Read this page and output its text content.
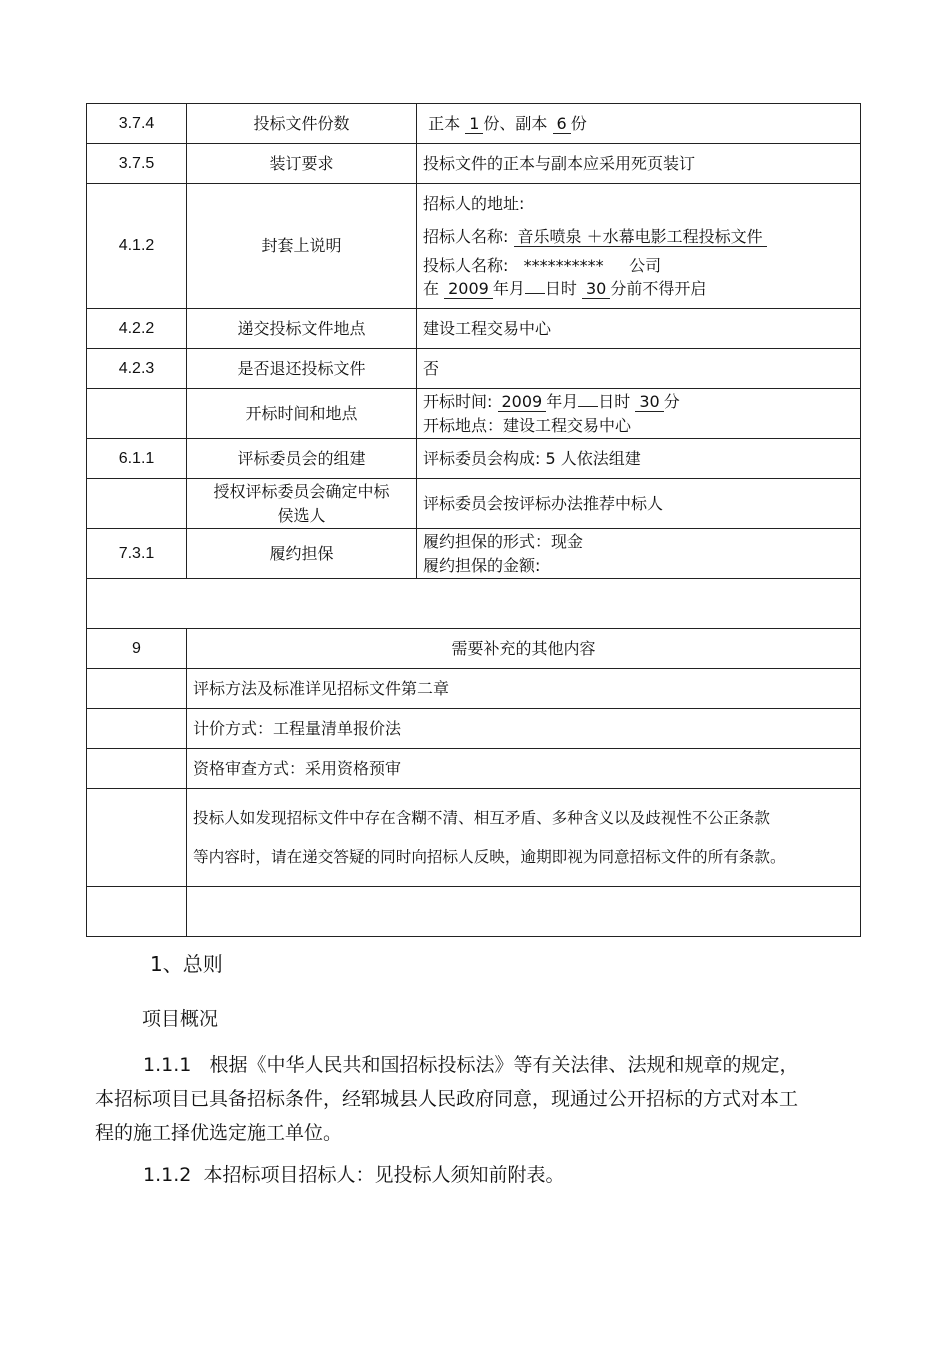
3.7.4	投标文件份数	正本 1 份、副本 6 份
3.7.5	装订要求	投标文件的正本与副本应采用死页装订
4.1.2	封套上说明	招标人的地址:

招标人名称: 音乐喷泉 ＋水幕电影工程投标文件

投标人名称: ********** 公司

在 2009 年月 日时 30 分前不得开启

4.2.2	递交投标文件地点	建设工程交易中心
4.2.3	是否退还投标文件	否
	开标时间和地点	开标时间: 2009 年月 日时 30 分

开标地点：建设工程交易中心

6.1.1	评标委员会的组建	评标委员会构成: 5 人依法组建
	授权评标委员会确定中标侯选人	评标委员会按评标办法推荐中标人
7.3.1	履约担保	履约担保的形式：现金

履约担保的金额:

9	需要补充的其他内容	
	评标方法及标准详见招标文件第二章	
	计价方式：工程量清单报价法	
	资格审查方式：采用资格预审	

	投标人如发现招标文件中存在含糊不清、相互矛盾、多种含义以及歧视性不公正条款

等内容时，请在递交答疑的同时向招标人反映，逾期即视为同意招标文件的所有条款。	

1、总则
项目概况
1.1.1 根据《中华人民共和国招标投标法》等有关法律、法规和规章的规定，本招标项目已具备招标条件，经郓城县人民政府同意，现通过公开招标的方式对本工程的施工择优选定施工单位。
1.1.2 本招标项目招标人：见投标人须知前附表。
